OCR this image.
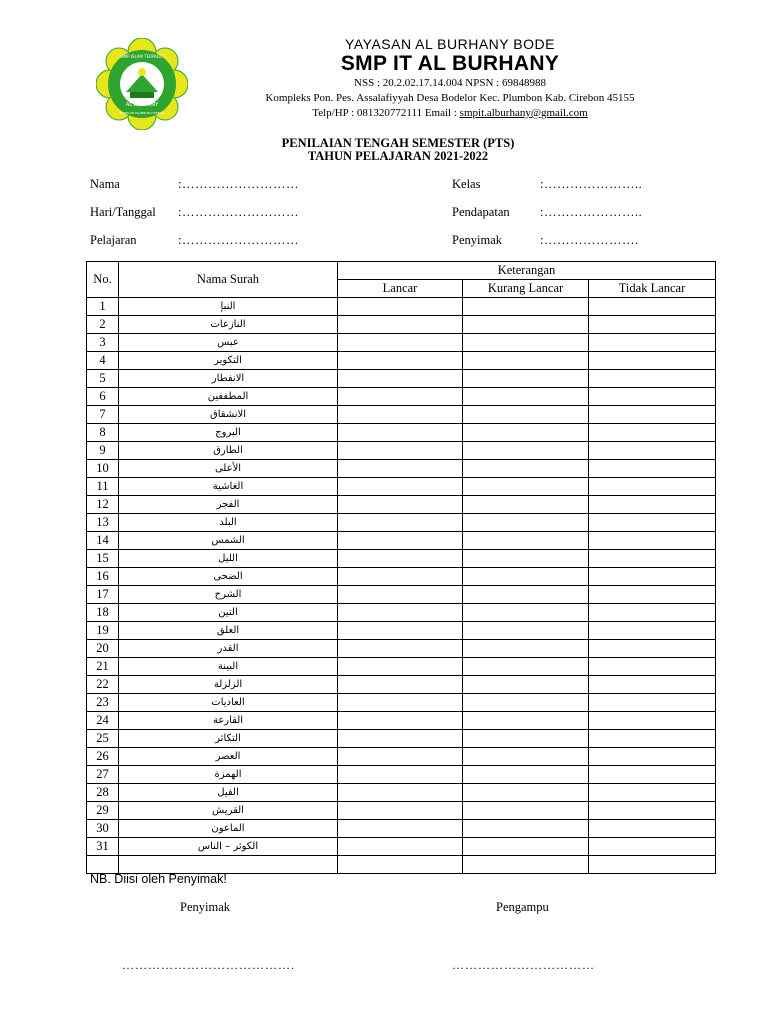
AL BURHANY
SMP ISLAM TERPADU
BODELOR PLUMBON CIREBON
YAYASAN AL BURHANY BODE
SMP IT AL BURHANY
NSS : 20.2.02.17.14.004 NPSN : 69848988
Kompleks Pon. Pes. Assalafiyyah Desa Bodelor Kec. Plumbon Kab. Cirebon 45155
Telp/HP : 081320772111 Email : smpit.alburhany@gmail.com
PENILAIAN TENGAH SEMESTER (PTS)
TAHUN PELAJARAN 2021-2022
Nama	:………………………
Hari/Tanggal :………………………
Pelajaran	:………………………
Kelas	:…………………..
Pendapatan :…………………..
Penyimak	:………………….
No.	Nama Surah	Keterangan		
		Lancar	Kurang Lancar	Tidak Lancar
1	النبإ			
2	النازعات			
3	عبس			
4	التكوير			
5	الانفطار			
6	المطففين			
7	الانشقاق			
8	البروج			
9	الطارق			
10	الأعلى			
11	الغاشية			
12	الفجر			
13	البلد			
14	الشمس			
15	الليل			
16	الضحى			
17	الشرح			
18	التين			
19	العلق			
20	القدر			
21	البينة			
22	الزلزلة			
23	العاديات			
24	القارعة			
25	التكاثر			
26	العصر			
27	الهمزة			
28	الفيل			
29	القريش			
30	الماعون			
31	الكوثر – الناس			

NB. Diisi oleh Penyimak!
Penyimak	Pengampu
………………………………….	……………………………
